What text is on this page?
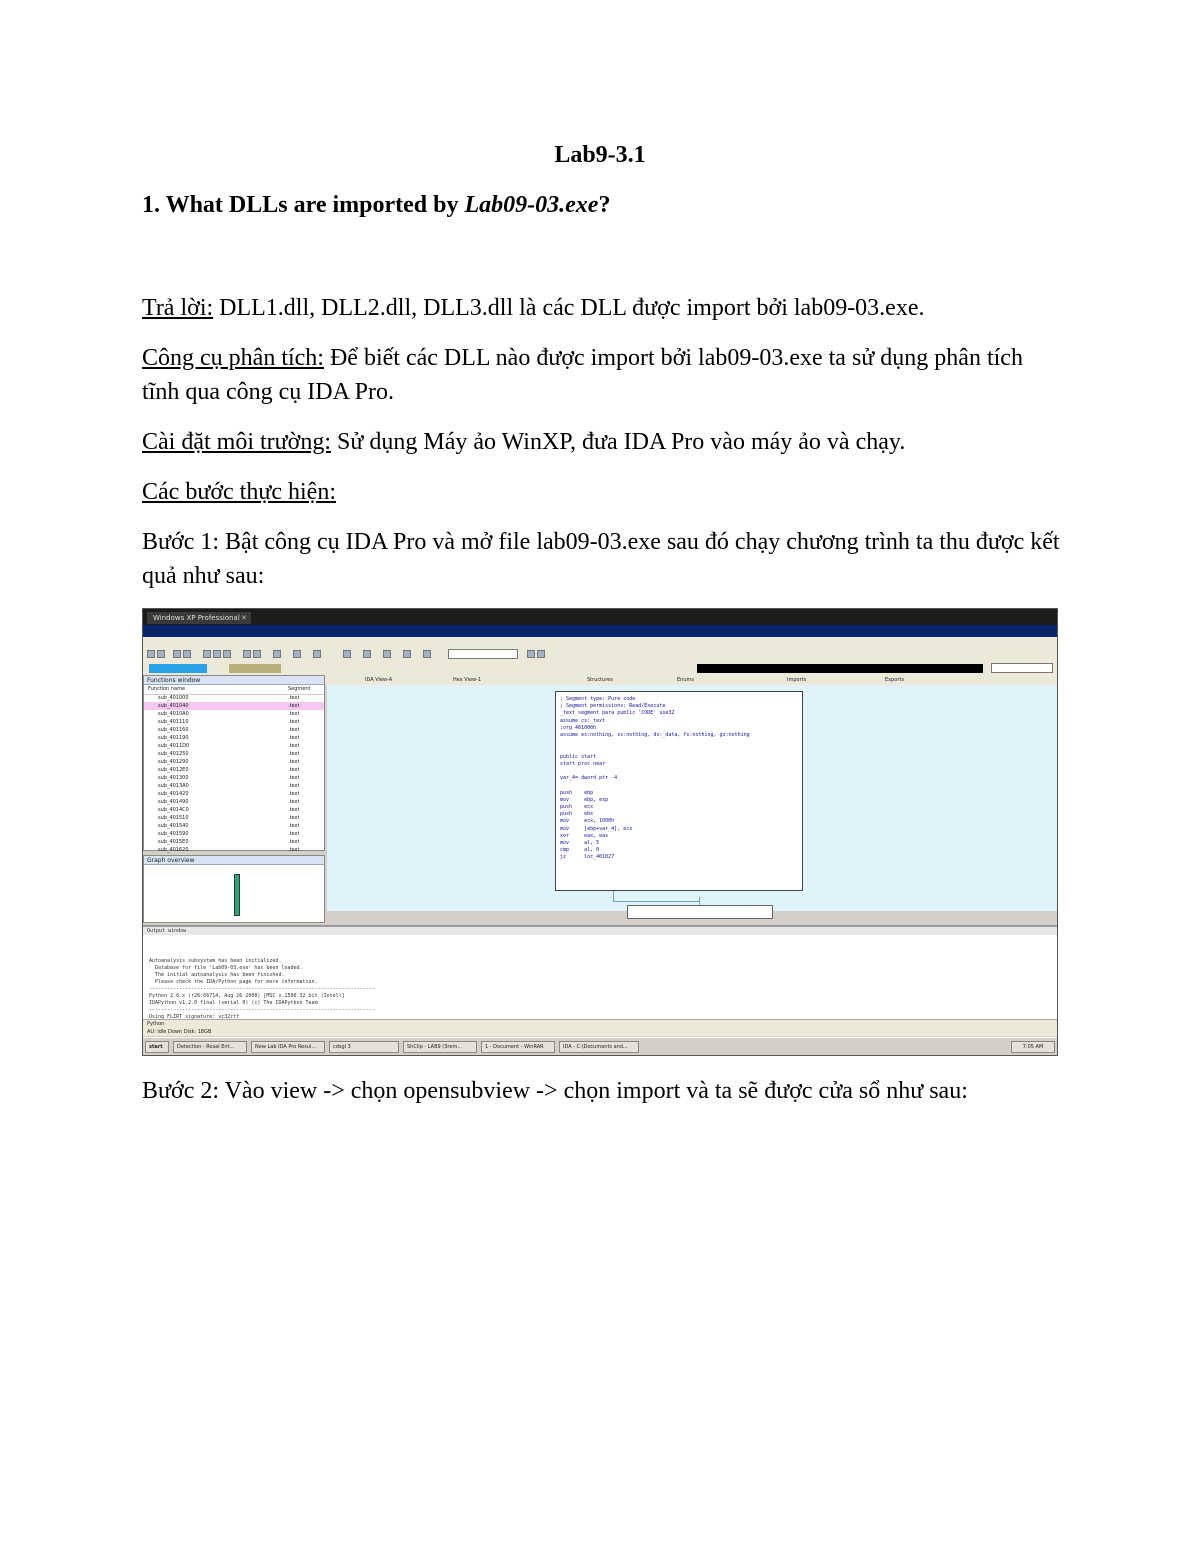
Lab9-3.1
1. What DLLs are imported by Lab09-03.exe?
Trả lời: DLL1.dll, DLL2.dll, DLL3.dll là các DLL được import bởi lab09-03.exe.
Công cụ phân tích: Để biết các DLL nào được import bởi lab09-03.exe ta sử dụng phân tích tĩnh qua công cụ IDA Pro.
Cài đặt môi trường: Sử dụng Máy ảo WinXP, đưa IDA Pro vào máy ảo và chạy.
Các bước thực hiện:
Bước 1: Bật công cụ IDA Pro và mở file lab09-03.exe sau đó chạy chương trình ta thu được kết quả như sau:
Windows XP Professional ✕
Functions window
Function name	Segment
sub_401000	.text
sub_401040	.text
sub_4010A0	.text
sub_401110	.text
sub_401160	.text
sub_401190	.text
sub_4011D0	.text
sub_401250	.text
sub_401290	.text
sub_4012E0	.text
sub_401300	.text
sub_4013A0	.text
sub_401420	.text
sub_401490	.text
sub_4014C0	.text
sub_401510	.text
sub_401540	.text
sub_401590	.text
sub_4015E0	.text
sub_401620	.text
Graph overview
IDA View-A	Hex View-1	Structures	Enums	Imports	Exports
; Segment type: Pure code
; Segment permissions: Read/Execute
_text segment para public 'CODE' use32
assume cs:_text
;org 401000h
assume es:nothing, ss:nothing, ds:_data, fs:nothing, gs:nothing

public start
start proc near

var_4= dword ptr -4

push    ebp
mov     ebp, esp
push    ecx
push    ebx
mov     ecx, 1000h
mov     [ebp+var_4], ecx
xor     eax, eax
mov     al, 5
cmp     al, 0
jz      loc_401027

Output window

Autoanalysis subsystem has been initialized.
Database for file 'Lab09-03.exe' has been loaded.
The initial autoanalysis has been finished.
Please check the IDA/Python page for more information.
---------------------------------------------------------------------------
Python 2.6.x (r26:66714, Aug 26 2008) [MSC v.1500 32 bit (Intel)]
IDAPython v1.2.0 final (serial 0) (c) The IDAPython Team
---------------------------------------------------------------------------
Using FLIRT signature: vc32rtf
Python
AU: idle Down Disk: 18GB
start	Detection - Rosal Ent...	New Lab IDA Pro Resul...	cdsgl 3	ShClip - LAB9 (3rem...	1 - Document - WinRAR	IDA - C:\Documents and...	7:05 AM
Bước 2: Vào view -> chọn opensubview -> chọn import và ta sẽ được cửa sổ như sau:
